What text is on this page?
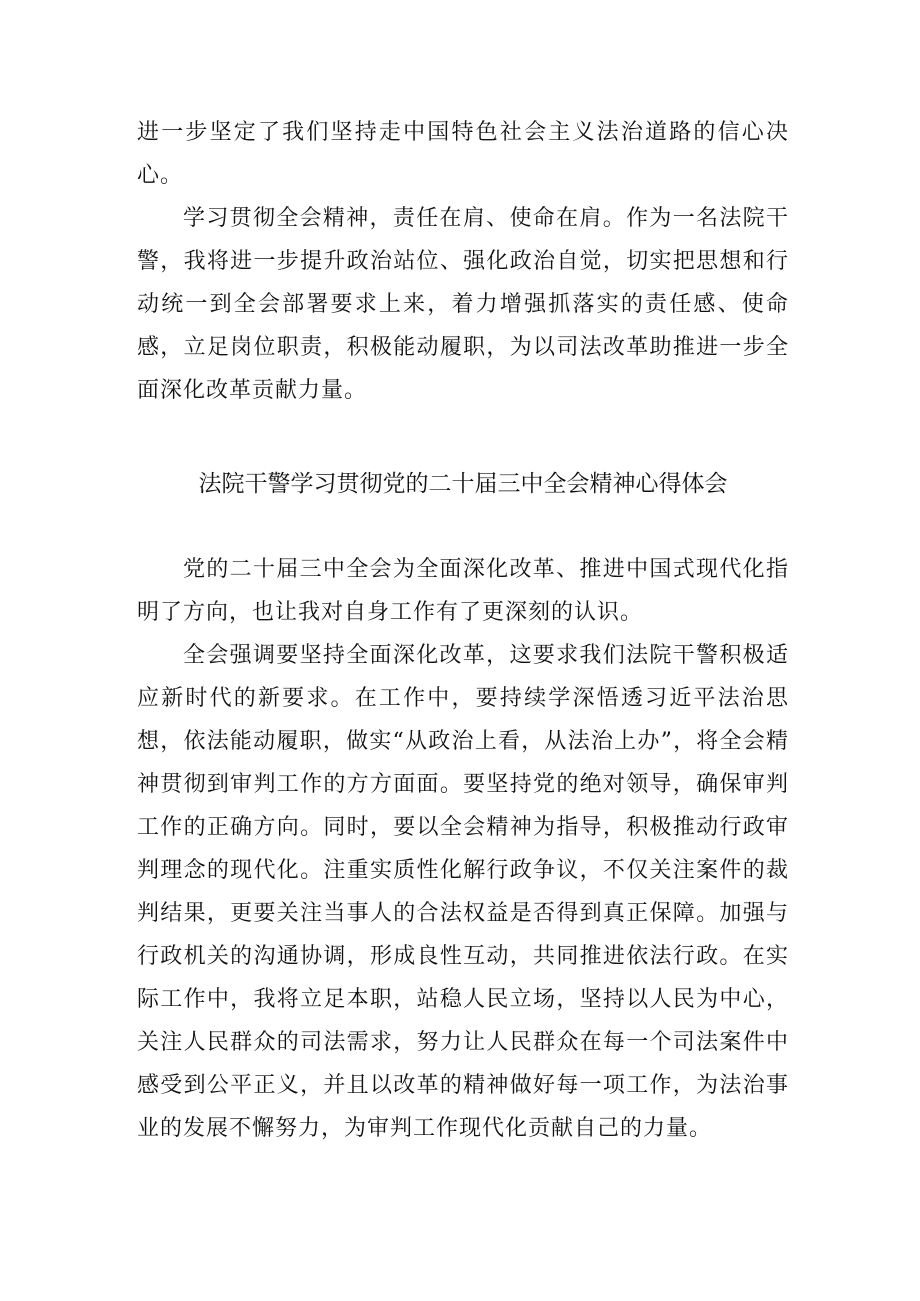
进一步坚定了我们坚持走中国特色社会主义法治道路的信心决心。

学习贯彻全会精神，责任在肩、使命在肩。作为一名法院干警，我将进一步提升政治站位、强化政治自觉，切实把思想和行动统一到全会部署要求上来，着力增强抓落实的责任感、使命感，立足岗位职责，积极能动履职，为以司法改革助推进一步全面深化改革贡献力量。

法院干警学习贯彻党的二十届三中全会精神心得体会

党的二十届三中全会为全面深化改革、推进中国式现代化指明了方向，也让我对自身工作有了更深刻的认识。

全会强调要坚持全面深化改革，这要求我们法院干警积极适应新时代的新要求。在工作中，要持续学深悟透习近平法治思想，依法能动履职，做实“从政治上看，从法治上办”，将全会精神贯彻到审判工作的方方面面。要坚持党的绝对领导，确保审判工作的正确方向。同时，要以全会精神为指导，积极推动行政审判理念的现代化。注重实质性化解行政争议，不仅关注案件的裁判结果，更要关注当事人的合法权益是否得到真正保障。加强与行政机关的沟通协调，形成良性互动，共同推进依法行政。在实际工作中，我将立足本职，站稳人民立场，坚持以人民为中心，关注人民群众的司法需求，努力让人民群众在每一个司法案件中感受到公平正义，并且以改革的精神做好每一项工作，为法治事业的发展不懈努力，为审判工作现代化贡献自己的力量。
